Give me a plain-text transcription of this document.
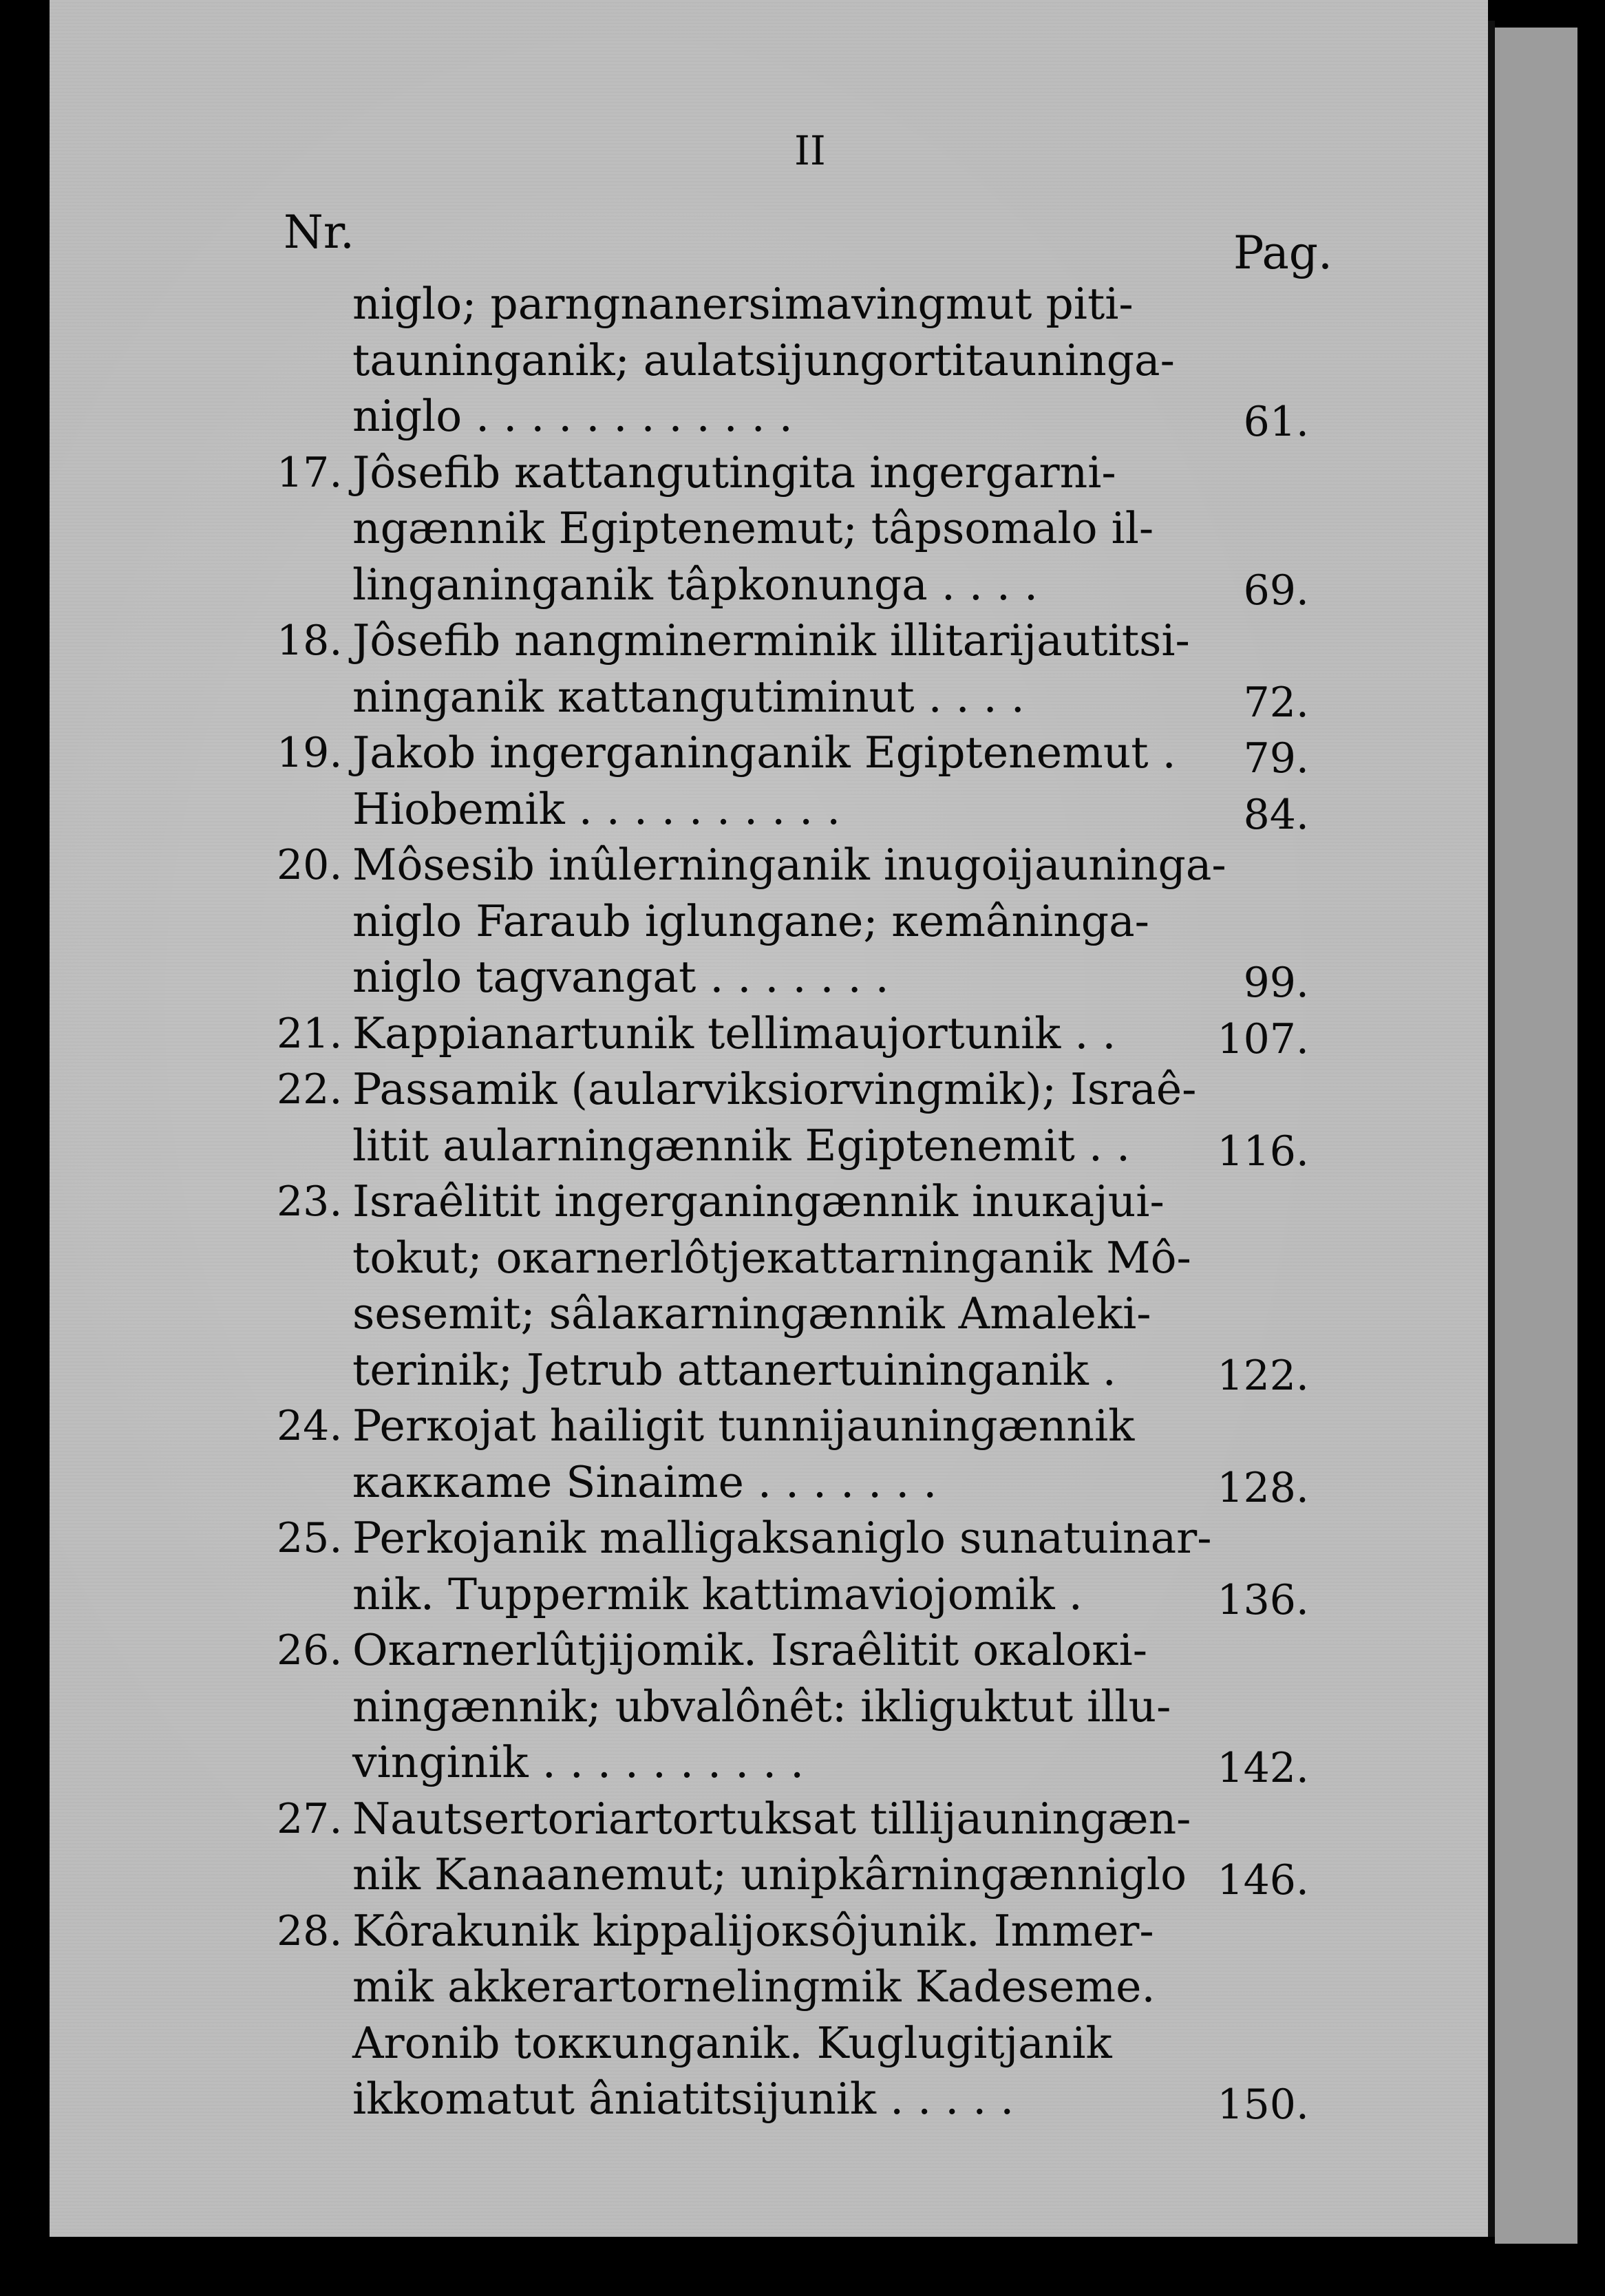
II
Nr.	Pag.
niglo; parngnanersimavingmut piti-
tauninganik; aulatsijungortitauninga-
niglo . . . . . . . . . . . .	61.
17. Jôsefib кattangutingita ingergarni-
ngænnik Egiptenemut; tâpsomalo il-
linganinganik tâpkonunga . . . .	69.
18. Jôsefib nangminerminik illitarijautitsi-
ninganik кattangutiminut . . . .	72.
19. Jakob ingerganinganik Egiptenemut . 79.
Hiobemik . . . . . . . . . .	84.
20. Môsesib inûlerninganik inugoijauninga-
niglo Faraub iglungane; кemâninga-
niglo tagvangat . . . . . . .	99.
21. Kappianartunik tellimaujortunik . . 107.
22. Passamik (aularviksiorvingmik); Israê-
litit aularningænnik Egiptenemit . . 116.
23. Israêlitit ingerganingænnik inuкajui-
tokut; oкarnerlôtjeкattarninganik Mô-
sesemit; sâlaкarningænnik Amaleki-
terinik; Jetrub attanertuininganik . 122.
24. Perкojat hailigit tunnijauningænnik
кaккame Sinaime . . . . . . .	128.
25. Perkojanik malligaksaniglo sunatuinar-
nik. Tuppermik kattimaviojomik .	136.
26. Oкarnerlûtjijomik. Israêlitit oкaloкi-
ningænnik; ubvalônêt: ikliguktut illu-
vinginik . . . . . . . . . .	142.
27. Nautsertoriartortuksat tillijauningæn-
nik Kanaanemut; unipkârningænniglo 146.
28. Kôrakunik kippalijoкsôjunik. Immer-
mik akkerartornelingmik Kadeseme.
Aronib toккunganik. Kuglugitjanik
ikkomatut âniatitsijunik . . . . .	150.
